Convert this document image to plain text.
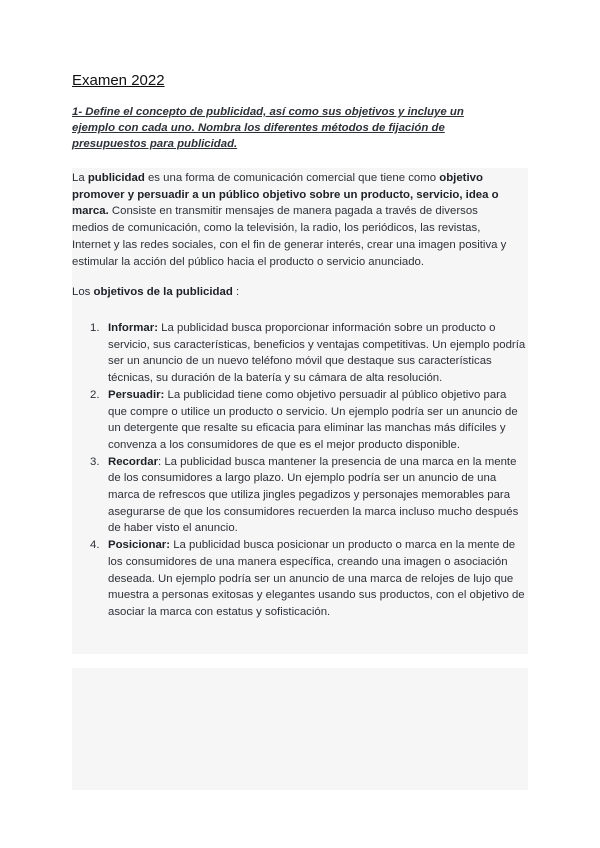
Examen 2022

1- Define el concepto de publicidad, así como sus objetivos y incluye un ejemplo con cada uno. Nombra los diferentes métodos de fijación de presupuestos para publicidad.

La publicidad es una forma de comunicación comercial que tiene como objetivo promover y persuadir a un público objetivo sobre un producto, servicio, idea o marca. Consiste en transmitir mensajes de manera pagada a través de diversos medios de comunicación, como la televisión, la radio, los periódicos, las revistas, Internet y las redes sociales, con el fin de generar interés, crear una imagen positiva y estimular la acción del público hacia el producto o servicio anunciado.

Los objetivos de la publicidad :

1. Informar: La publicidad busca proporcionar información sobre un producto o servicio, sus características, beneficios y ventajas competitivas. Un ejemplo podría ser un anuncio de un nuevo teléfono móvil que destaque sus características técnicas, su duración de la batería y su cámara de alta resolución.
2. Persuadir: La publicidad tiene como objetivo persuadir al público objetivo para que compre o utilice un producto o servicio. Un ejemplo podría ser un anuncio de un detergente que resalte su eficacia para eliminar las manchas más difíciles y convenza a los consumidores de que es el mejor producto disponible.
3. Recordar: La publicidad busca mantener la presencia de una marca en la mente de los consumidores a largo plazo. Un ejemplo podría ser un anuncio de una marca de refrescos que utiliza jingles pegadizos y personajes memorables para asegurarse de que los consumidores recuerden la marca incluso mucho después de haber visto el anuncio.
4. Posicionar: La publicidad busca posicionar un producto o marca en la mente de los consumidores de una manera específica, creando una imagen o asociación deseada. Un ejemplo podría ser un anuncio de una marca de relojes de lujo que muestra a personas exitosas y elegantes usando sus productos, con el objetivo de asociar la marca con estatus y sofisticación.
